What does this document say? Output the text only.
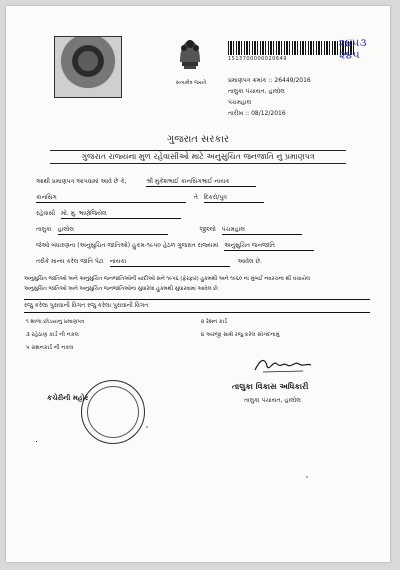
સત્યમેવ જયતે
1513700000020649
૨૪૫૩
૨૪૫
પ્રમાણપત્ર ક્રમાંક :: 26449/2016
તાલુકા પંચાયત, હાલોલ
પંચમહાલ
તારીખ :: 08/12/2016
ગુજરાત સરકાર
ગુજરાત રાજ્યના મુળ રહેવાસીઓ માટે અનુસુચિત જનજાતિ નું પ્રમાણપત્ર
આથી પ્રમાણપત્ર આપવામાં આવે છે કે,	શ્રી મુકેશભાઈ કાનસિંગભાઈ નાયક
કાનસિંગ	તે દિકરો/પુત્ર
રહેવાસી મો. મુ. ભાણેજિયેલ
તાલુકા હાલોલ	જીલ્લો પંચમહાલ
જેઓ બંધારણના (અનુસુચિત જાતિઓ) હુકમ-૧૯૫૦ હેઠળ ગુજરાત રાજ્યમાં અનુસુચિત જનજાતિ
તરીકે માન્ય કરેલ જાતિ પેટા નાયકા	આવેલ છે.
અનુસુચિત જાતિઓ અને અનુસુચિત જનજાતિઓની યાદીઓ સને ૧૯૫૬ (ફેરફાર) હુકમથી અને ૧૯૬૦ ના મુંબઈ નવરચના થી વંચાયેલ
અનુસુચિત જાતિઓ અને અનુસુચિત જનજાતિઓના સુધારેલા હુકમથી સુધારવામાં આવેલ છે.
રજુ કરેલા પુરાવાની વિગત રજુ કરેલા પુરાવાની વિગત
૧ શાળા છોડયાનુ પ્રમાણપત્ર
૩ રહેઠાણ કાર્ડ ની નકલ
૫ રાશનકાર્ડ ની નકલ
૨ રેશન કાર્ડ
૪ અરજી સાથે રજુ કરેલ સોગંદનામું
કચેરીની મહોર
તાલુકા વિકાસ અધિકારી
તાલુકા પંચાયત, હાલોલ
